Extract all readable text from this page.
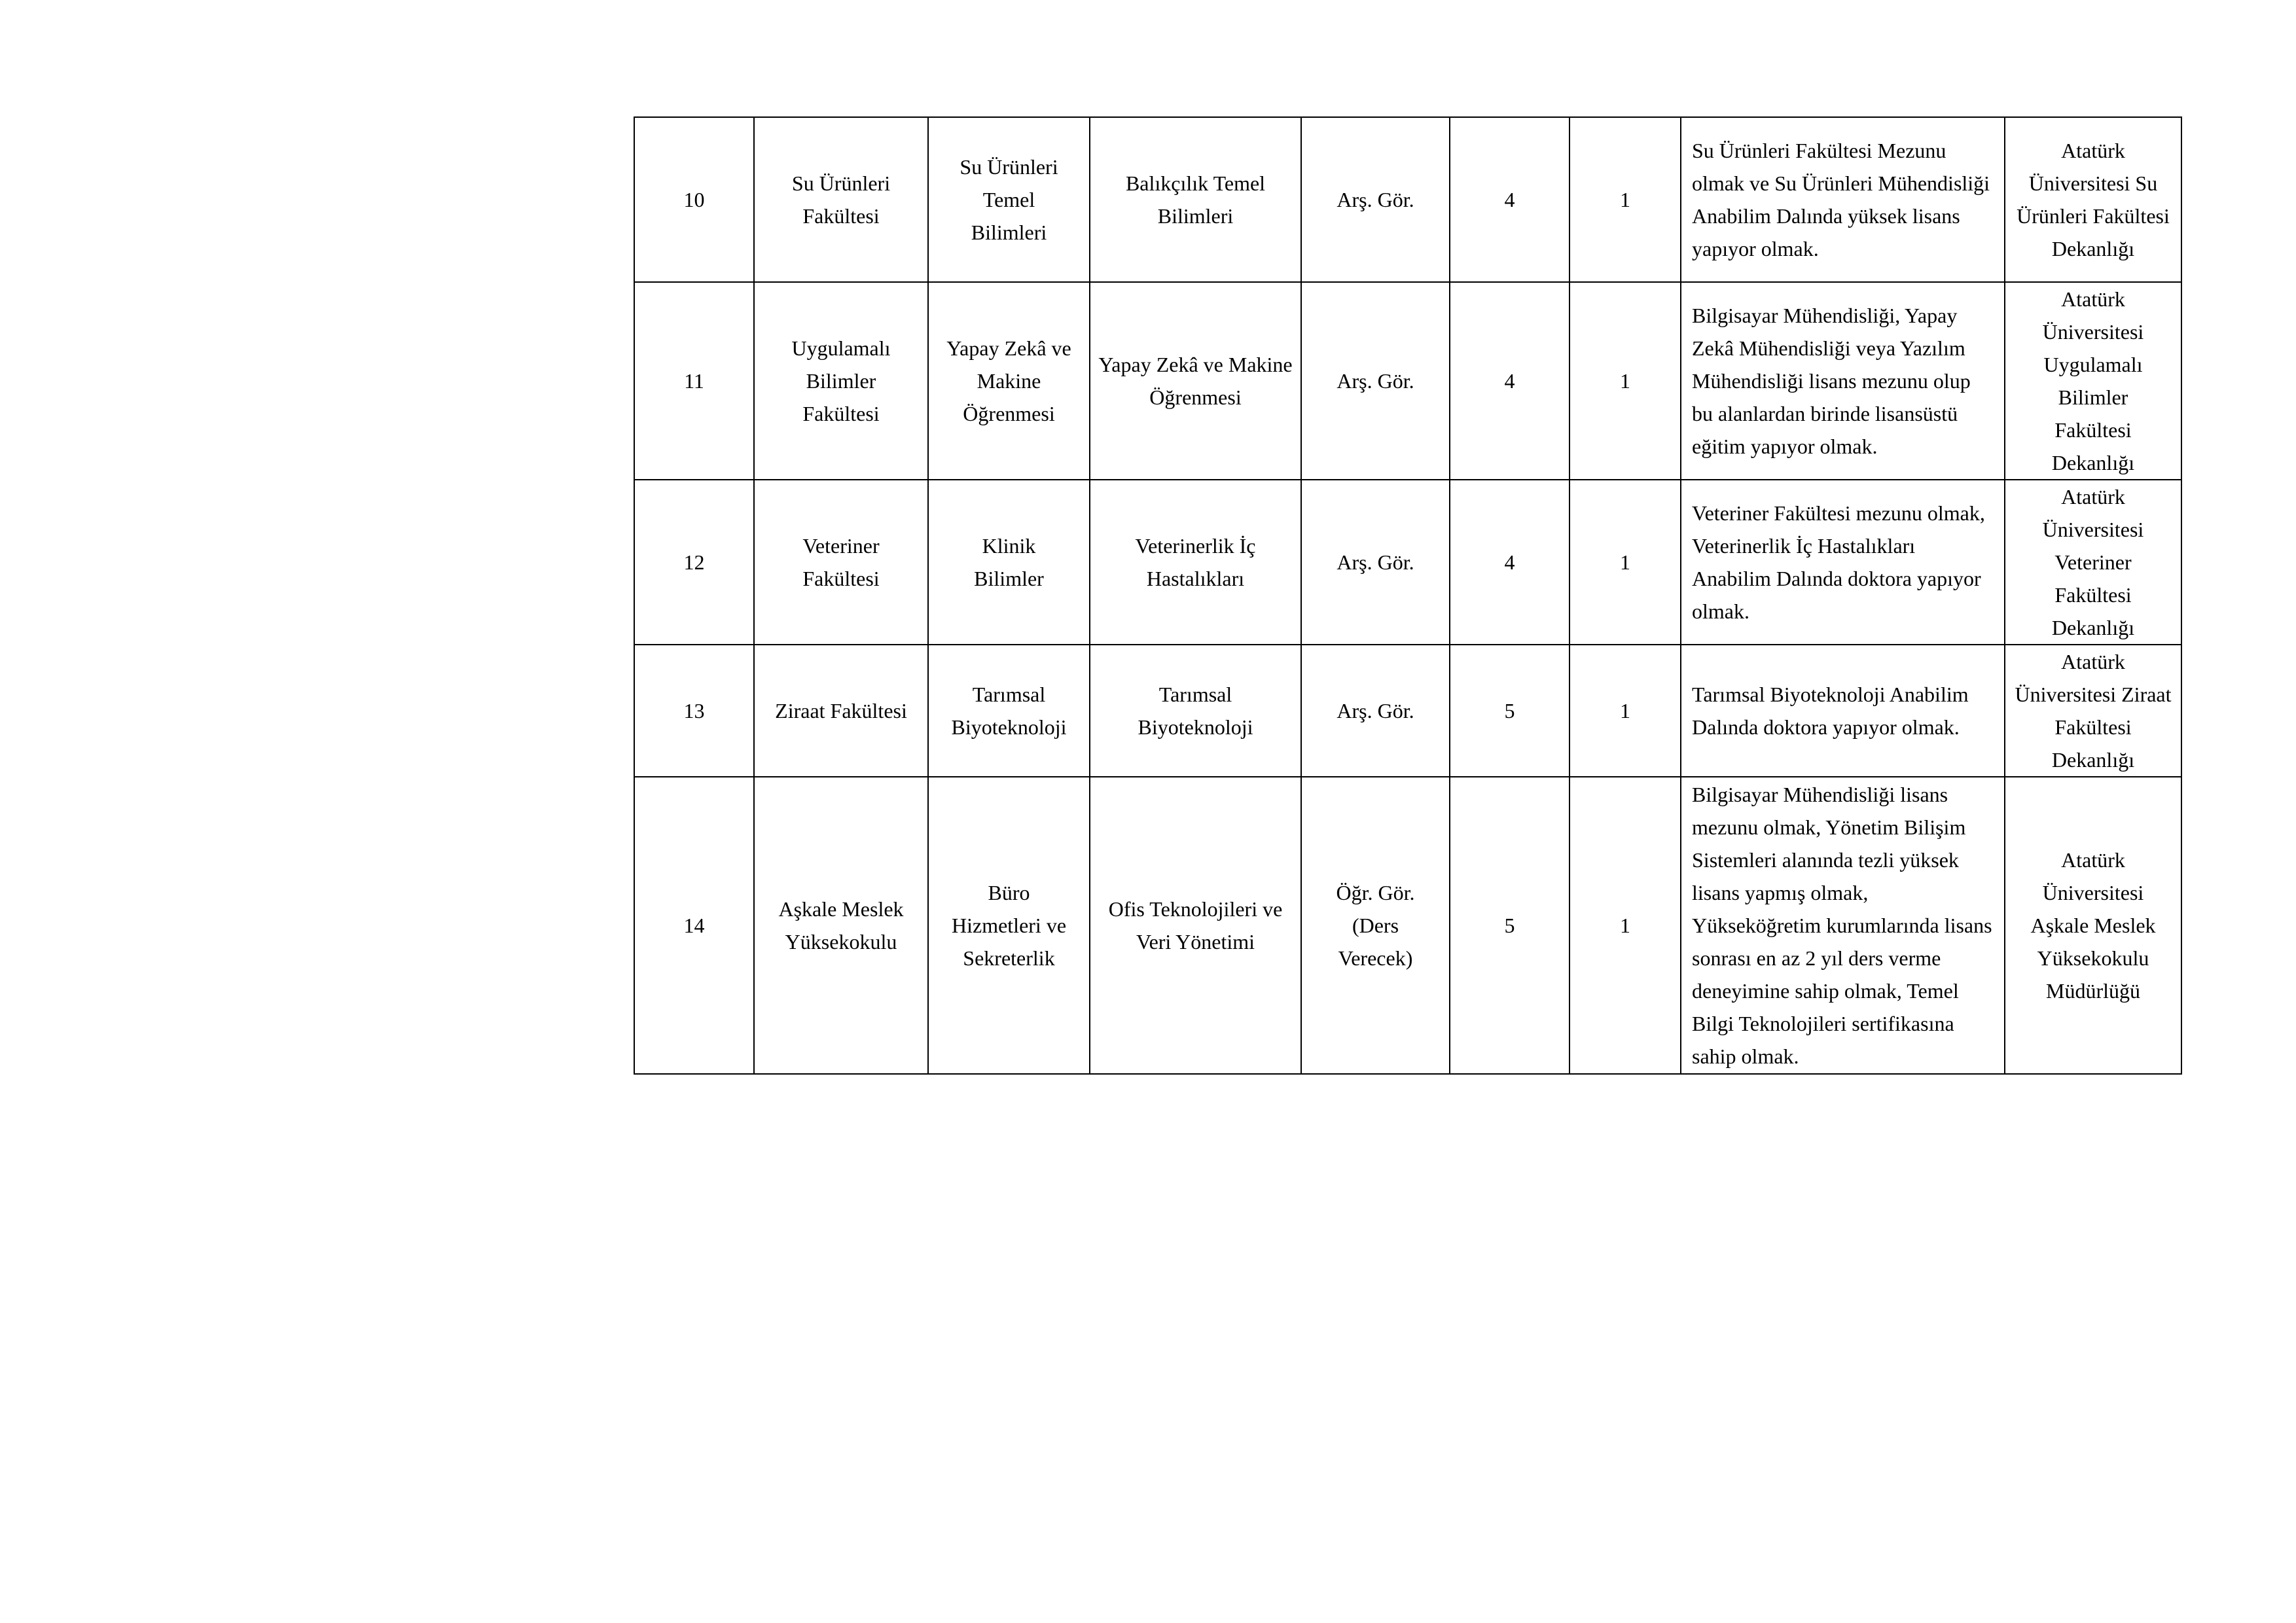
10	Su Ürünleri Fakültesi	Su Ürünleri Temel Bilimleri	Balıkçılık Temel Bilimleri	Arş. Gör.	4	1	Su Ürünleri Fakültesi Mezunu olmak ve Su Ürünleri Mühendisliği Anabilim Dalında yüksek lisans yapıyor olmak.	Atatürk Üniversitesi Su Ürünleri Fakültesi Dekanlığı

11	Uygulamalı Bilimler Fakültesi	Yapay Zekâ ve Makine Öğrenmesi	Yapay Zekâ ve Makine Öğrenmesi	Arş. Gör.	4	1	Bilgisayar Mühendisliği, Yapay Zekâ Mühendisliği veya Yazılım Mühendisliği lisans mezunu olup bu alanlardan birinde lisansüstü eğitim yapıyor olmak.	Atatürk Üniversitesi Uygulamalı Bilimler Fakültesi Dekanlığı

12	Veteriner Fakültesi	Klinik Bilimler	Veterinerlik İç Hastalıkları	Arş. Gör.	4	1	Veteriner Fakültesi mezunu olmak, Veterinerlik İç Hastalıkları Anabilim Dalında doktora yapıyor olmak.	Atatürk Üniversitesi Veteriner Fakültesi Dekanlığı

13	Ziraat Fakültesi	Tarımsal Biyoteknoloji	Tarımsal Biyoteknoloji	Arş. Gör.	5	1	Tarımsal Biyoteknoloji Anabilim Dalında doktora yapıyor olmak.	Atatürk Üniversitesi Ziraat Fakültesi Dekanlığı

14	Aşkale Meslek Yüksekokulu	Büro Hizmetleri ve Sekreterlik	Ofis Teknolojileri ve Veri Yönetimi	Öğr. Gör. (Ders Verecek)	5	1	Bilgisayar Mühendisliği lisans mezunu olmak, Yönetim Bilişim Sistemleri alanında tezli yüksek lisans yapmış olmak, Yükseköğretim kurumlarında lisans sonrası en az 2 yıl ders verme deneyimine sahip olmak, Temel Bilgi Teknolojileri sertifikasına sahip olmak.	Atatürk Üniversitesi Aşkale Meslek Yüksekokulu Müdürlüğü
